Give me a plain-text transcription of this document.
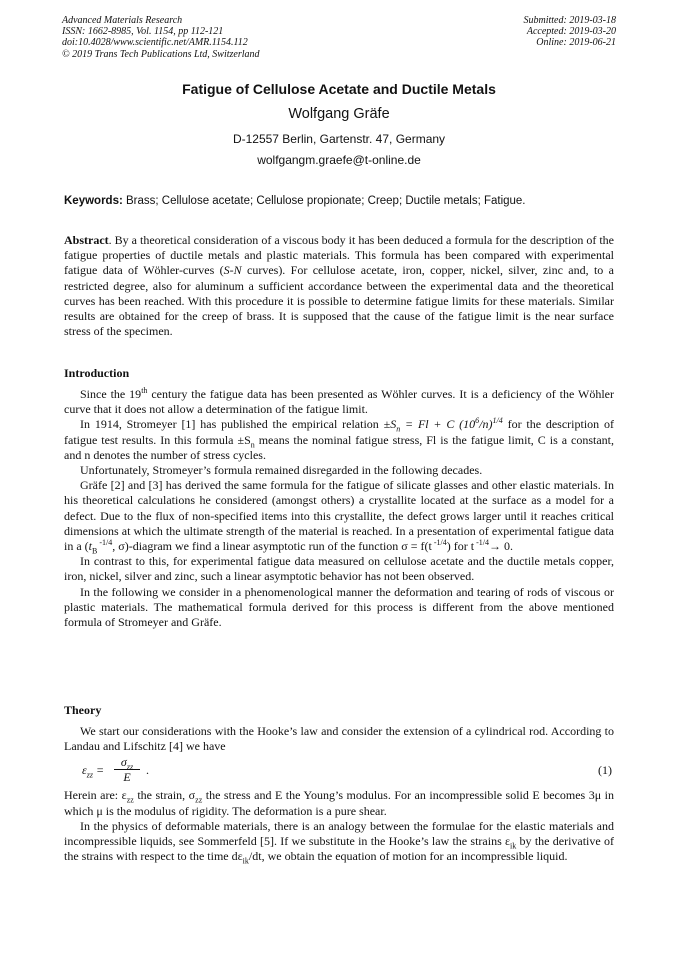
Advanced Materials Research
ISSN: 1662-8985, Vol. 1154, pp 112-121
doi:10.4028/www.scientific.net/AMR.1154.112
© 2019 Trans Tech Publications Ltd, Switzerland
Submitted: 2019-03-18
Accepted: 2019-03-20
Online: 2019-06-21
Fatigue of Cellulose Acetate and Ductile Metals
Wolfgang Gräfe
D-12557 Berlin, Gartenstr. 47, Germany
wolfgangm.graefe@t-online.de
Keywords: Brass; Cellulose acetate; Cellulose propionate; Creep; Ductile metals; Fatigue.

Abstract. By a theoretical consideration of a viscous body it has been deduced a formula for the description of the fatigue properties of ductile metals and plastic materials. This formula has been compared with experimental fatigue data of Wöhler-curves (S-N curves). For cellulose acetate, iron, copper, nickel, silver, zinc and, to a restricted degree, also for aluminum a sufficient accordance between the experimental data and the theoretical curves has been reached. With this procedure it is possible to determine fatigue limits for these materials. Similar results are obtained for the creep of brass. It is supposed that the cause of the fatigue limit is the near surface stress of the specimen.

Introduction

Since the 19th century the fatigue data has been presented as Wöhler curves. It is a deficiency of the Wöhler curve that it does not allow a determination of the fatigue limit.

In 1914, Stromeyer [1] has published the empirical relation $\pm S_n = Fl + C$ $(10^6/n)^{1/4}$ for the description of fatigue test results. In this formula $\pm S_n$ means the nominal fatigue stress, Fl is the fatigue limit, C is a constant, and n denotes the number of stress cycles.

Unfortunately, Stromeyer’s formula remained disregarded in the following decades.

Gräfe [2] and [3] has derived the same formula for the fatigue of silicate glasses and other elastic materials. In his theoretical calculations he considered (amongst others) a crystallite located at the surface as a model for a defect. Due to the flux of non-specified items into this crystallite, the defect grows larger until it reaches critical dimensions at which the ultimate strength of the material is reached. In a presentation of experimental fatigue data in a ($t_B$ $^{-1/4}$, σ)-diagram we find a linear asymptotic run of the function σ = f(t $^{-1/4}$) for t $^{-1/4}$→ 0.

In contrast to this, for experimental fatigue data measured on cellulose acetate and the ductile metals copper, iron, nickel, silver and zinc, such a linear asymptotic behavior has not been observed.

In the following we consider in a phenomenological manner the deformation and tearing of rods of viscous or plastic materials. The mathematical formula derived for this process is different from the above mentioned formula of Stromeyer and Gräfe.

Theory

We start our considerations with the Hooke’s law and consider the extension of a cylindrical rod. According to Landau and Lifschitz [4] we have

$\varepsilon_{zz}$ =
$\sigma_{zz}$
E	.	(1)

Herein are: $\varepsilon_{zz}$ the strain, $\sigma_{zz}$ the stress and E the Young’s modulus. For an incompressible solid E becomes 3μ in which μ is the modulus of rigidity. The deformation is a pure shear.

In the physics of deformable materials, there is an analogy between the formulae for the elastic materials and incompressible liquids, see Sommerfeld [5]. If we substitute in the Hooke’s law the strains $\varepsilon_{ik}$ by the derivative of the strains with respect to the time $d\varepsilon_{ik}/dt$, we obtain the equation of motion for an incompressible liquid.
